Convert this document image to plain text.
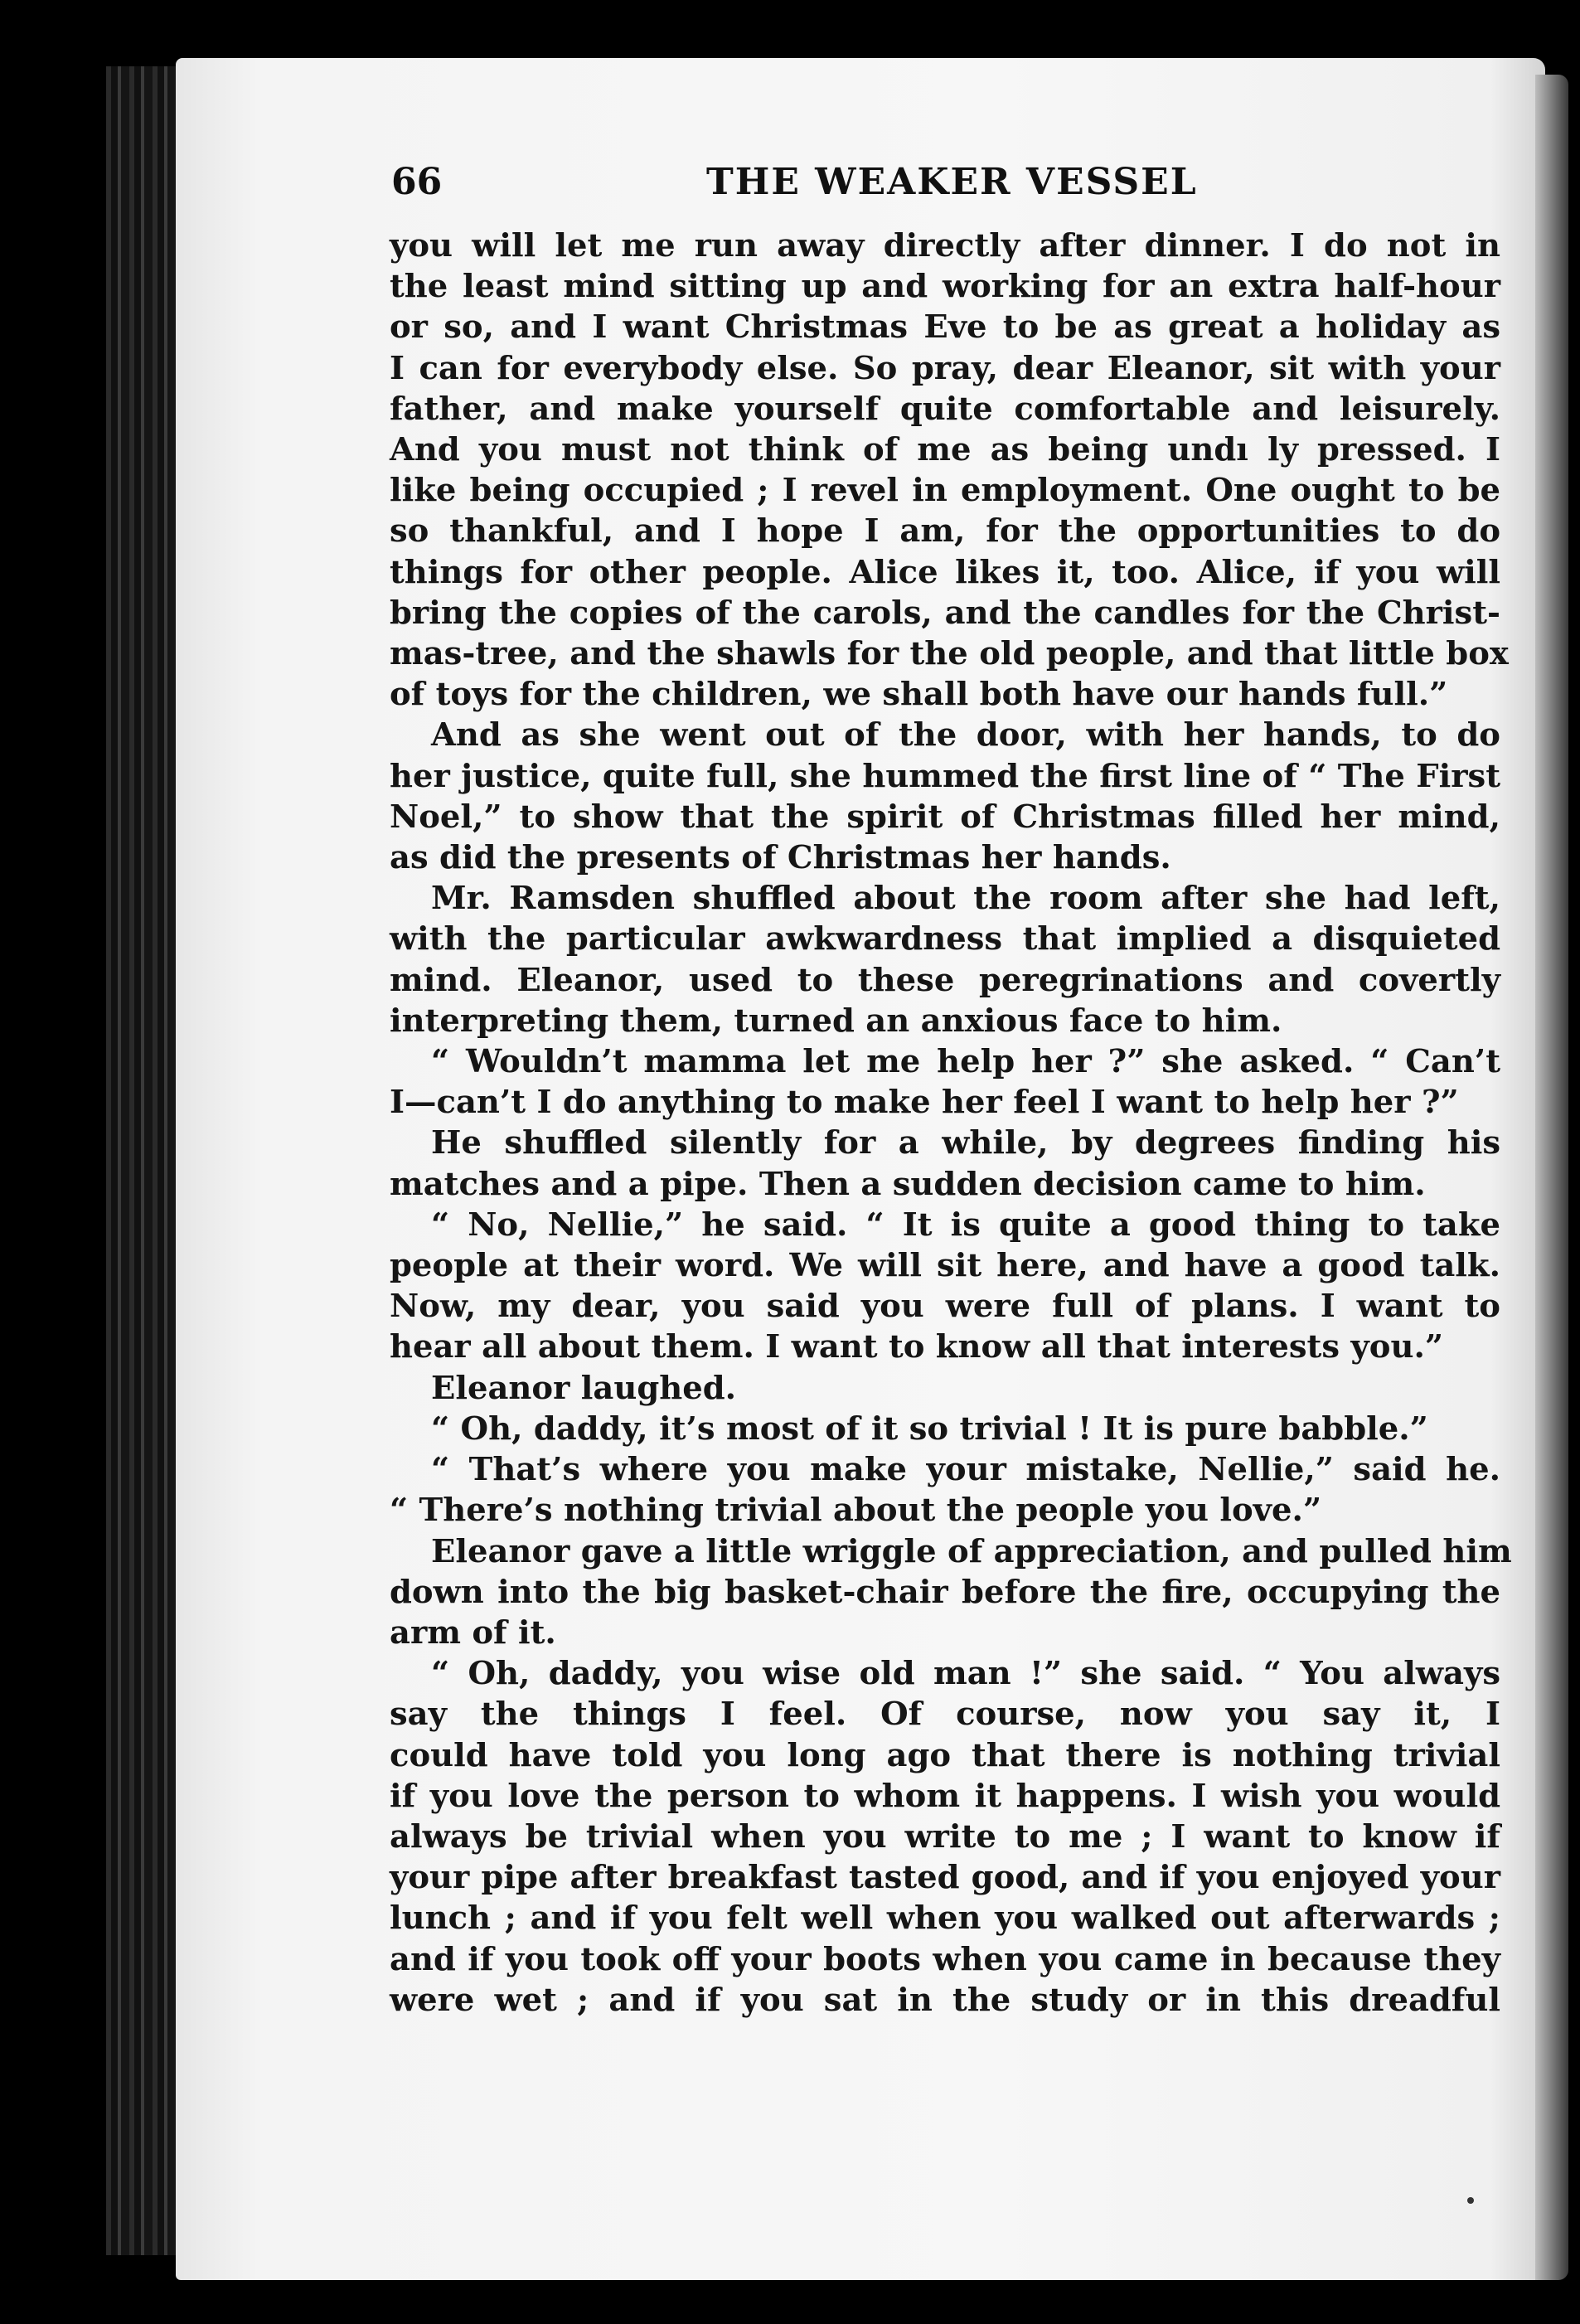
66	THE WEAKER VESSEL
you will let me run away directly after dinner. I do not in
the least mind sitting up and working for an extra half-hour
or so, and I want Christmas Eve to be as great a holiday as
I can for everybody else. So pray, dear Eleanor, sit with your
father, and make yourself quite comfortable and leisurely.
And you must not think of me as being undı ly pressed. I
like being occupied ; I revel in employment. One ought to be
so thankful, and I hope I am, for the opportunities to do
things for other people. Alice likes it, too. Alice, if you will
bring the copies of the carols, and the candles for the Christ-
mas-tree, and the shawls for the old people, and that little box
of toys for the children, we shall both have our hands full.”
And as she went out of the door, with her hands, to do
her justice, quite full, she hummed the first line of “ The First
Noel,” to show that the spirit of Christmas filled her mind,
as did the presents of Christmas her hands.
Mr. Ramsden shuffled about the room after she had left,
with the particular awkwardness that implied a disquieted
mind. Eleanor, used to these peregrinations and covertly
interpreting them, turned an anxious face to him.
“ Wouldn’t mamma let me help her ?” she asked. “ Can’t
I—can’t I do anything to make her feel I want to help her ?”
He shuffled silently for a while, by degrees finding his
matches and a pipe. Then a sudden decision came to him.
“ No, Nellie,” he said. “ It is quite a good thing to take
people at their word. We will sit here, and have a good talk.
Now, my dear, you said you were full of plans. I want to
hear all about them. I want to know all that interests you.”
Eleanor laughed.
“ Oh, daddy, it’s most of it so trivial ! It is pure babble.”
“ That’s where you make your mistake, Nellie,” said he.
“ There’s nothing trivial about the people you love.”
Eleanor gave a little wriggle of appreciation, and pulled him
down into the big basket-chair before the fire, occupying the
arm of it.
“ Oh, daddy, you wise old man !” she said. “ You always
say the things I feel. Of course, now you say it, I
could have told you long ago that there is nothing trivial
if you love the person to whom it happens. I wish you would
always be trivial when you write to me ; I want to know if
your pipe after breakfast tasted good, and if you enjoyed your
lunch ; and if you felt well when you walked out afterwards ;
and if you took off your boots when you came in because they
were wet ; and if you sat in the study or in this dreadful
